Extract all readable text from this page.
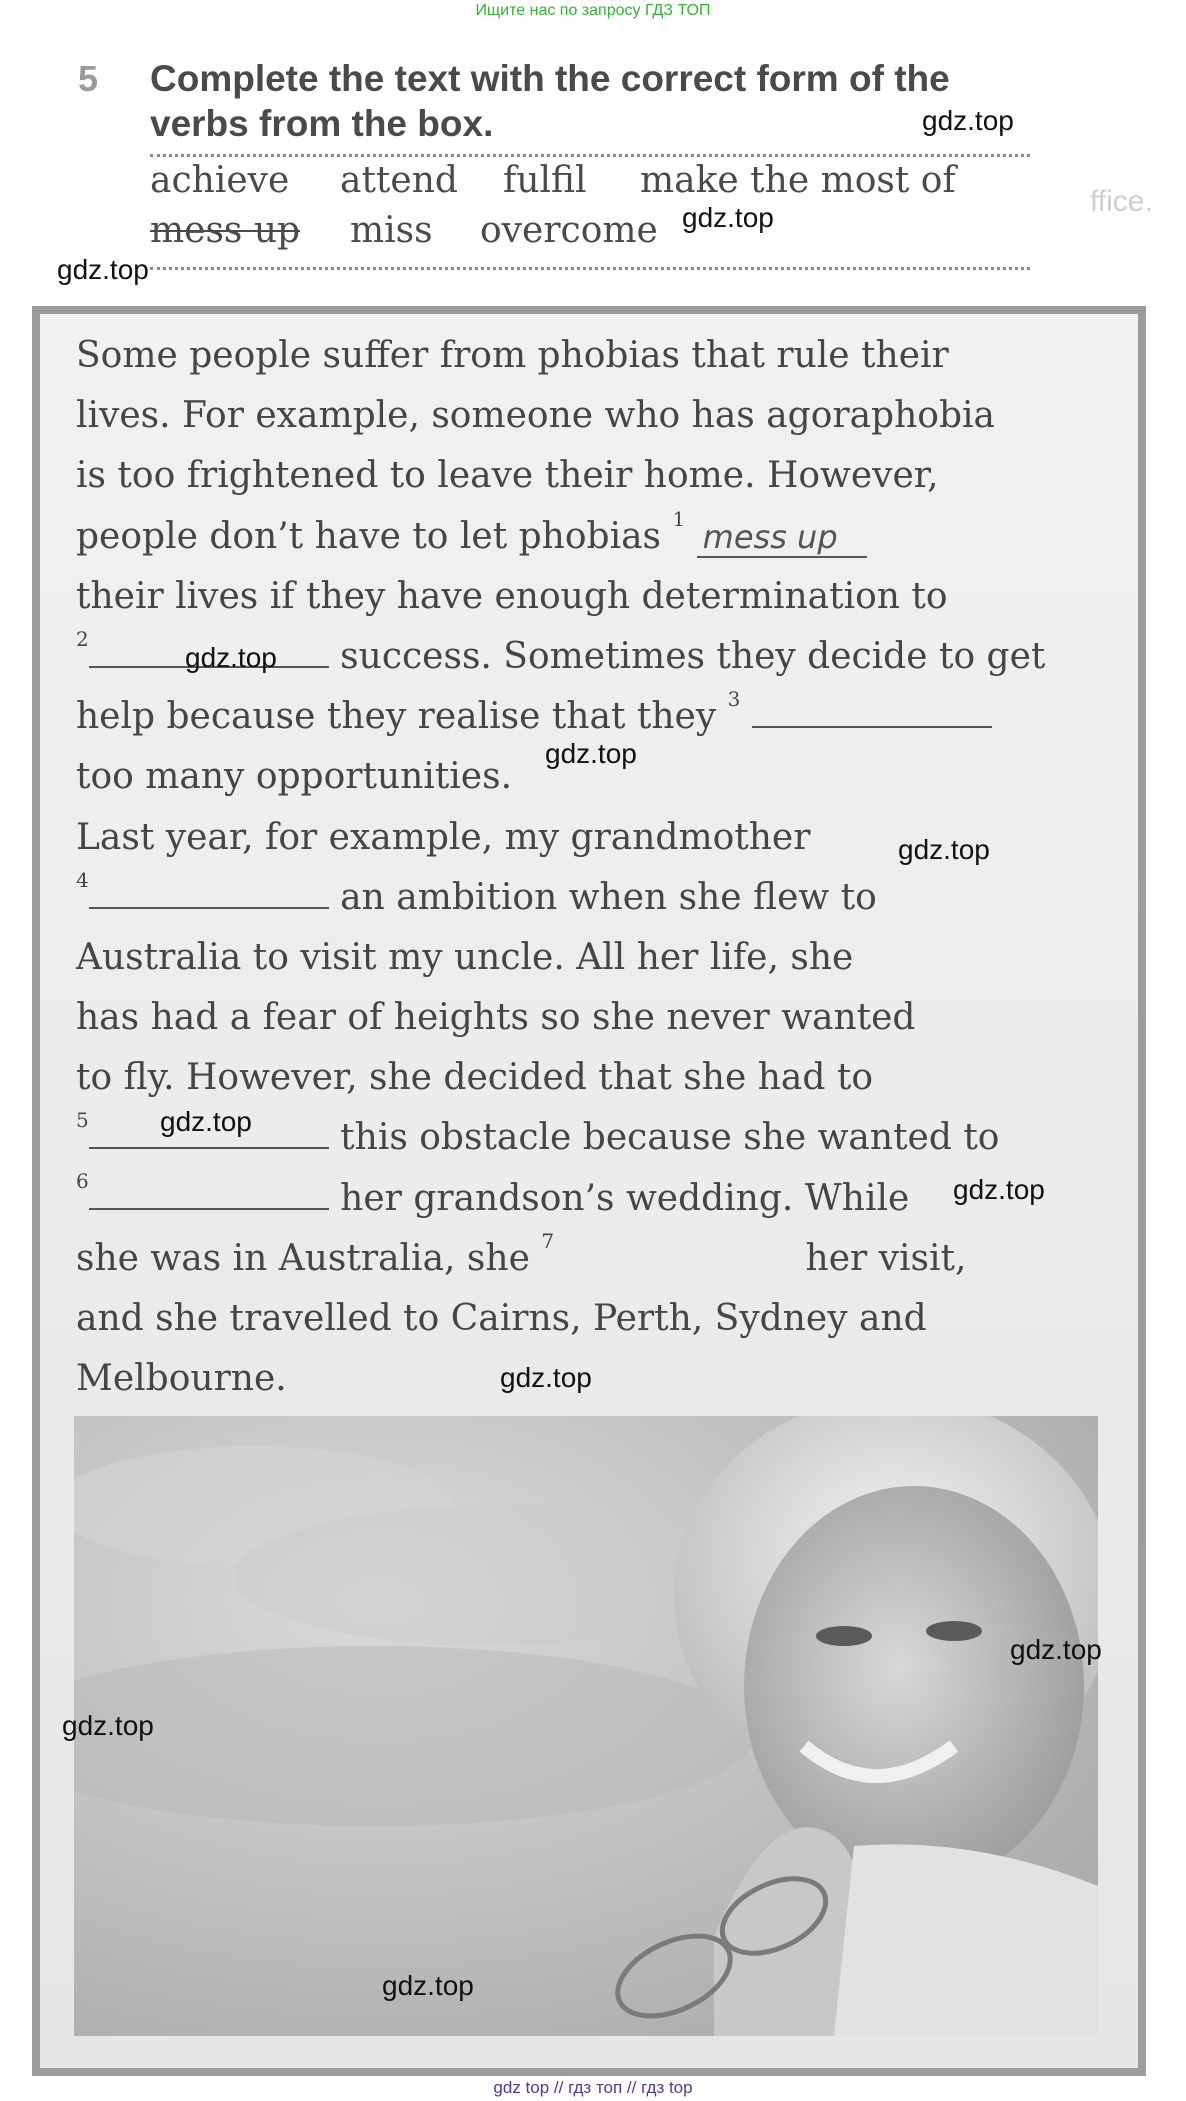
Ищите нас по запросу ГДЗ ТОП
ffice.
5 Complete the text with the correct form of the
verbs from the box.
achieve attend fulfil make the most of
mess up miss overcome
Some people suffer from phobias that rule their
lives. For example, someone who has agoraphobia
is too frightened to leave their home. However,
people don’t have to let phobias $^1$ mess up
their lives if they have enough determination to
$^2$	success. Sometimes they decide to get
help because they realise that they $^3$
too many opportunities.
Last year, for example, my grandmother
$^4$	an ambition when she flew to
Australia to visit my uncle. All her life, she
has had a fear of heights so she never wanted
to fly. However, she decided that she had to
$^5$	this obstacle because she wanted to
$^6$	her grandson’s wedding. While
she was in Australia, she $^7$	her visit,
and she travelled to Cairns, Perth, Sydney and
Melbourne.
gdz.top
gdz.top
gdz.top
gdz.top
gdz.top
gdz.top
gdz.top
gdz.top
gdz.top
gdz.top
gdz.top
gdz.top
gdz top // гдз топ // гдз top
